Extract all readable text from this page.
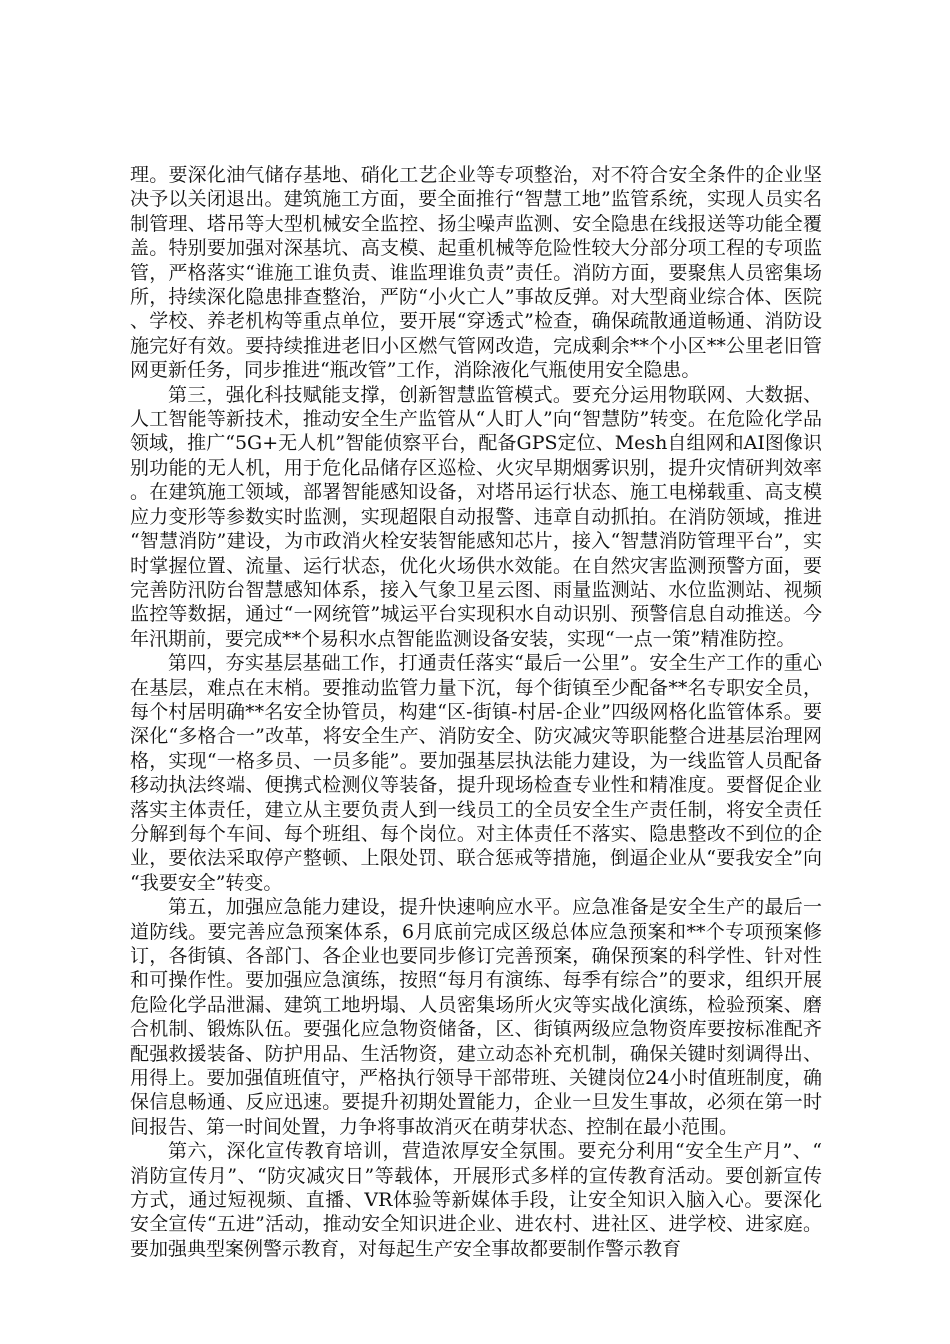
理。要深化油气储存基地、硝化工艺企业等专项整治，对不符合安全条件的企业坚决予以关闭退出。建筑施工方面，要全面推行“智慧工地”监管系统，实现人员实名制管理、塔吊等大型机械安全监控、扬尘噪声监测、安全隐患在线报送等功能全覆盖。特别要加强对深基坑、高支模、起重机械等危险性较大分部分项工程的专项监管，严格落实“谁施工谁负责、谁监理谁负责”责任。消防方面，要聚焦人员密集场所，持续深化隐患排查整治，严防“小火亡人”事故反弹。对大型商业综合体、医院、学校、养老机构等重点单位，要开展“穿透式”检查，确保疏散通道畅通、消防设施完好有效。要持续推进老旧小区燃气管网改造，完成剩余**个小区**公里老旧管网更新任务，同步推进“瓶改管”工作，消除液化气瓶使用安全隐患。

第三，强化科技赋能支撑，创新智慧监管模式。要充分运用物联网、大数据、人工智能等新技术，推动安全生产监管从“人盯人”向“智慧防”转变。在危险化学品领域，推广“5G+无人机”智能侦察平台，配备GPS定位、Mesh自组网和AI图像识别功能的无人机，用于危化品储存区巡检、火灾早期烟雾识别，提升灾情研判效率。在建筑施工领域，部署智能感知设备，对塔吊运行状态、施工电梯载重、高支模应力变形等参数实时监测，实现超限自动报警、违章自动抓拍。在消防领域，推进“智慧消防”建设，为市政消火栓安装智能感知芯片，接入“智慧消防管理平台”，实时掌握位置、流量、运行状态，优化火场供水效能。在自然灾害监测预警方面，要完善防汛防台智慧感知体系，接入气象卫星云图、雨量监测站、水位监测站、视频监控等数据，通过“一网统管”城运平台实现积水自动识别、预警信息自动推送。今年汛期前，要完成**个易积水点智能监测设备安装，实现“一点一策”精准防控。

第四，夯实基层基础工作，打通责任落实“最后一公里”。安全生产工作的重心在基层，难点在末梢。要推动监管力量下沉，每个街镇至少配备**名专职安全员，每个村居明确**名安全协管员，构建“区-街镇-村居-企业”四级网格化监管体系。要深化“多格合一”改革，将安全生产、消防安全、防灾减灾等职能整合进基层治理网格，实现“一格多员、一员多能”。要加强基层执法能力建设，为一线监管人员配备移动执法终端、便携式检测仪等装备，提升现场检查专业性和精准度。要督促企业落实主体责任，建立从主要负责人到一线员工的全员安全生产责任制，将安全责任分解到每个车间、每个班组、每个岗位。对主体责任不落实、隐患整改不到位的企业，要依法采取停产整顿、上限处罚、联合惩戒等措施，倒逼企业从“要我安全”向“我要安全”转变。

第五，加强应急能力建设，提升快速响应水平。应急准备是安全生产的最后一道防线。要完善应急预案体系，6月底前完成区级总体应急预案和**个专项预案修订，各街镇、各部门、各企业也要同步修订完善预案，确保预案的科学性、针对性和可操作性。要加强应急演练，按照“每月有演练、每季有综合”的要求，组织开展危险化学品泄漏、建筑工地坍塌、人员密集场所火灾等实战化演练，检验预案、磨合机制、锻炼队伍。要强化应急物资储备，区、街镇两级应急物资库要按标准配齐配强救援装备、防护用品、生活物资，建立动态补充机制，确保关键时刻调得出、用得上。要加强值班值守，严格执行领导干部带班、关键岗位24小时值班制度，确保信息畅通、反应迅速。要提升初期处置能力，企业一旦发生事故，必须在第一时间报告、第一时间处置，力争将事故消灭在萌芽状态、控制在最小范围。

第六，深化宣传教育培训，营造浓厚安全氛围。要充分利用“安全生产月”、“消防宣传月”、“防灾减灾日”等载体，开展形式多样的宣传教育活动。要创新宣传方式，通过短视频、直播、VR体验等新媒体手段，让安全知识入脑入心。要深化安全宣传“五进”活动，推动安全知识进企业、进农村、进社区、进学校、进家庭。要加强典型案例警示教育，对每起生产安全事故都要制作警示教育
